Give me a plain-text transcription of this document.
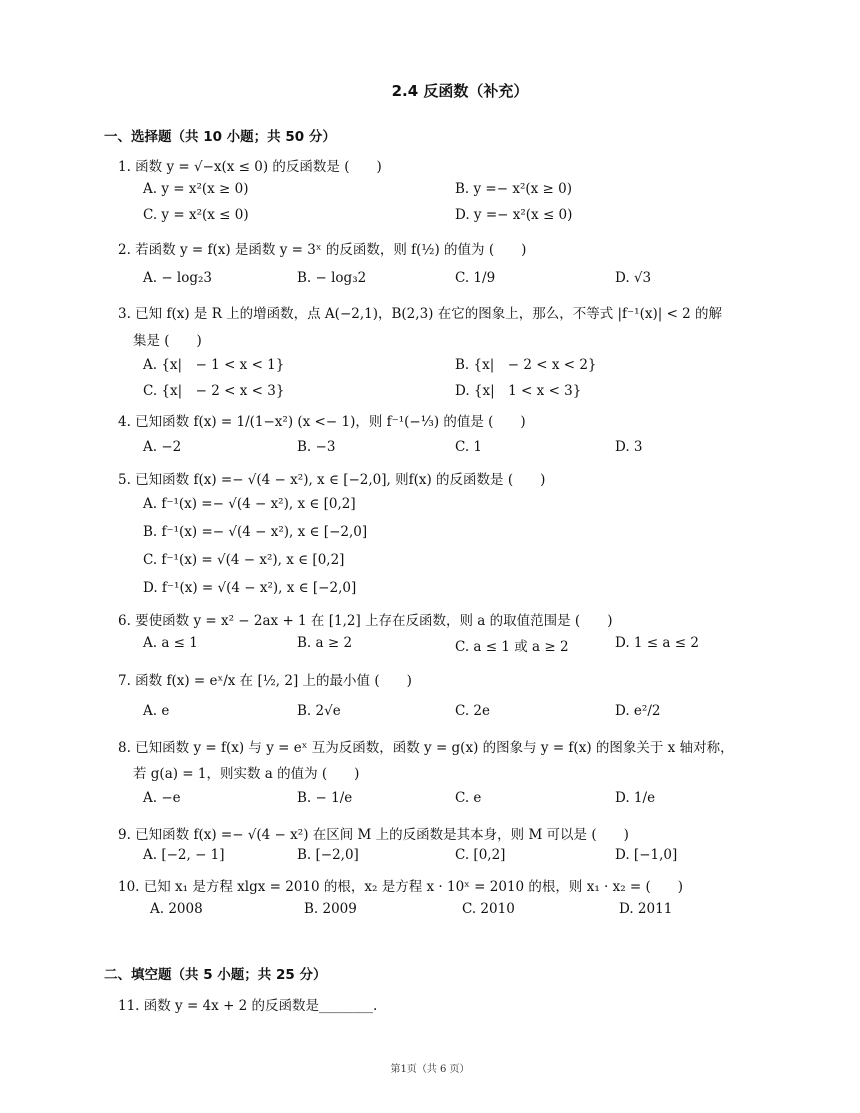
2.4 反函数（补充）
一、选择题（共 10 小题；共 50 分）
1. 函数 y = √−x(x ≤ 0) 的反函数是 (　　)
A. y = x²(x ≥ 0)	B. y =− x²(x ≥ 0)
C. y = x²(x ≤ 0)	D. y =− x²(x ≤ 0)
2. 若函数 y = f(x) 是函数 y = 3ˣ 的反函数，则 f(½) 的值为 (　　)
A. − log₂3	B. − log₃2	C. 1/9	D. √3
3. 已知 f(x) 是 R 上的增函数，点 A(−2,1)，B(2,3) 在它的图象上，那么，不等式 |f⁻¹(x)| < 2 的解
集是 (　　)
A. {x|　− 1 < x < 1}	B. {x|　− 2 < x < 2}
C. {x|　− 2 < x < 3}	D. {x|　1 < x < 3}
4. 已知函数 f(x) = 1/(1−x²) (x <− 1)，则 f⁻¹(−⅓) 的值是 (　　)
A. −2	B. −3	C. 1	D. 3
5. 已知函数 f(x) =− √(4 − x²), x ∈ [−2,0], 则f(x) 的反函数是 (　　)
A. f⁻¹(x) =− √(4 − x²), x ∈ [0,2]
B. f⁻¹(x) =− √(4 − x²), x ∈ [−2,0]
C. f⁻¹(x) = √(4 − x²), x ∈ [0,2]
D. f⁻¹(x) = √(4 − x²), x ∈ [−2,0]
6. 要使函数 y = x² − 2ax + 1 在 [1,2] 上存在反函数，则 a 的取值范围是 (　　)
A. a ≤ 1	B. a ≥ 2	C. a ≤ 1 或 a ≥ 2	D. 1 ≤ a ≤ 2
7. 函数 f(x) = eˣ/x 在 [½, 2] 上的最小值 (　　)
A. e	B. 2√e	C. 2e	D. e²/2
8. 已知函数 y = f(x) 与 y = eˣ 互为反函数，函数 y = g(x) 的图象与 y = f(x) 的图象关于 x 轴对称，
若 g(a) = 1，则实数 a 的值为 (　　)
A. −e	B. − 1/e	C. e	D. 1/e
9. 已知函数 f(x) =− √(4 − x²) 在区间 M 上的反函数是其本身，则 M 可以是 (　　)
A. [−2, − 1]	B. [−2,0]	C. [0,2]	D. [−1,0]
10. 已知 x₁ 是方程 xlgx = 2010 的根，x₂ 是方程 x · 10ˣ = 2010 的根，则 x₁ · x₂ = (　　)
A. 2008	B. 2009	C. 2010	D. 2011
二、填空题（共 5 小题；共 25 分）
11. 函数 y = 4x + 2 的反函数是________.
第1页（共 6 页）
